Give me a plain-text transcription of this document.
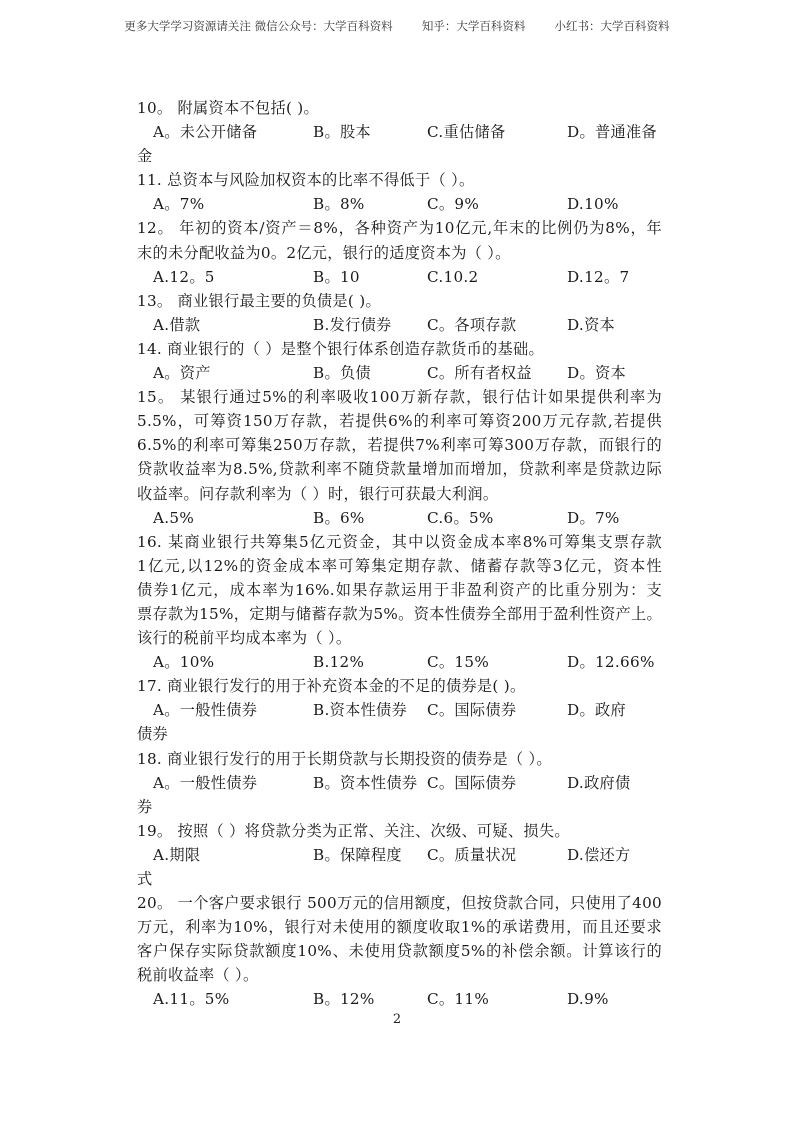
更多大学学习资源请关注 微信公众号：大学百科资料        知乎：大学百科资料        小红书：大学百科资料
10。 附属资本不包括( )。
A。未公开储备	B。股本	C.重估储备	D。普通准备
金
11. 总资本与风险加权资本的比率不得低于（ ）。
A。7%	B。8%	C。9%	D.10%
12。 年初的资本/资产＝8%，各种资产为10亿元,年末的比例仍为8%，年
末的未分配收益为0。2亿元，银行的适度资本为（ ）。
A.12。5	B。10	C.10.2	D.12。7
13。 商业银行最主要的负债是( )。
A.借款	B.发行债券 C。各项存款	D.资本
14. 商业银行的（ ）是整个银行体系创造存款货币的基础。
A。资产	B。负债	C。所有者权益 D。资本
15。 某银行通过5%的利率吸收100万新存款，银行估计如果提供利率为
5.5%，可筹资150万存款，若提供6%的利率可筹资200万元存款,若提供
6.5%的利率可筹集250万存款，若提供7%利率可筹300万存款，而银行的
贷款收益率为8.5%,贷款利率不随贷款量增加而增加，贷款利率是贷款边际
收益率。问存款利率为（ ）时，银行可获最大利润。
A.5%	B。6%	C.6。5%	D。7%
16. 某商业银行共筹集5亿元资金，其中以资金成本率8%可筹集支票存款
1亿元,以12%的资金成本率可筹集定期存款、储蓄存款等3亿元，资本性
债券1亿元，成本率为16%.如果存款运用于非盈利资产的比重分别为：支
票存款为15%，定期与储蓄存款为5%。资本性债券全部用于盈利性资产上。
该行的税前平均成本率为（ ）。
A。10%	B.12%	C。15%	D。12.66%
17. 商业银行发行的用于补充资本金的不足的债券是( )。
A。一般性债券	B.资本性债券 C。国际债券	D。政府
债券
18. 商业银行发行的用于长期贷款与长期投资的债券是（ ）。
A。一般性债券	B。资本性债券 C。国际债券	D.政府债
券
19。 按照（ ）将贷款分类为正常、关注、次级、可疑、损失。
A.期限	B。保障程度 C。质量状况	D.偿还方
式
20。 一个客户要求银行 500万元的信用额度，但按贷款合同，只使用了400
万元，利率为10%，银行对未使用的额度收取1%的承诺费用，而且还要求
客户保存实际贷款额度10%、未使用贷款额度5%的补偿余额。计算该行的
税前收益率（ ）。
A.11。5%	B。12%	C。11%	D.9%
2
